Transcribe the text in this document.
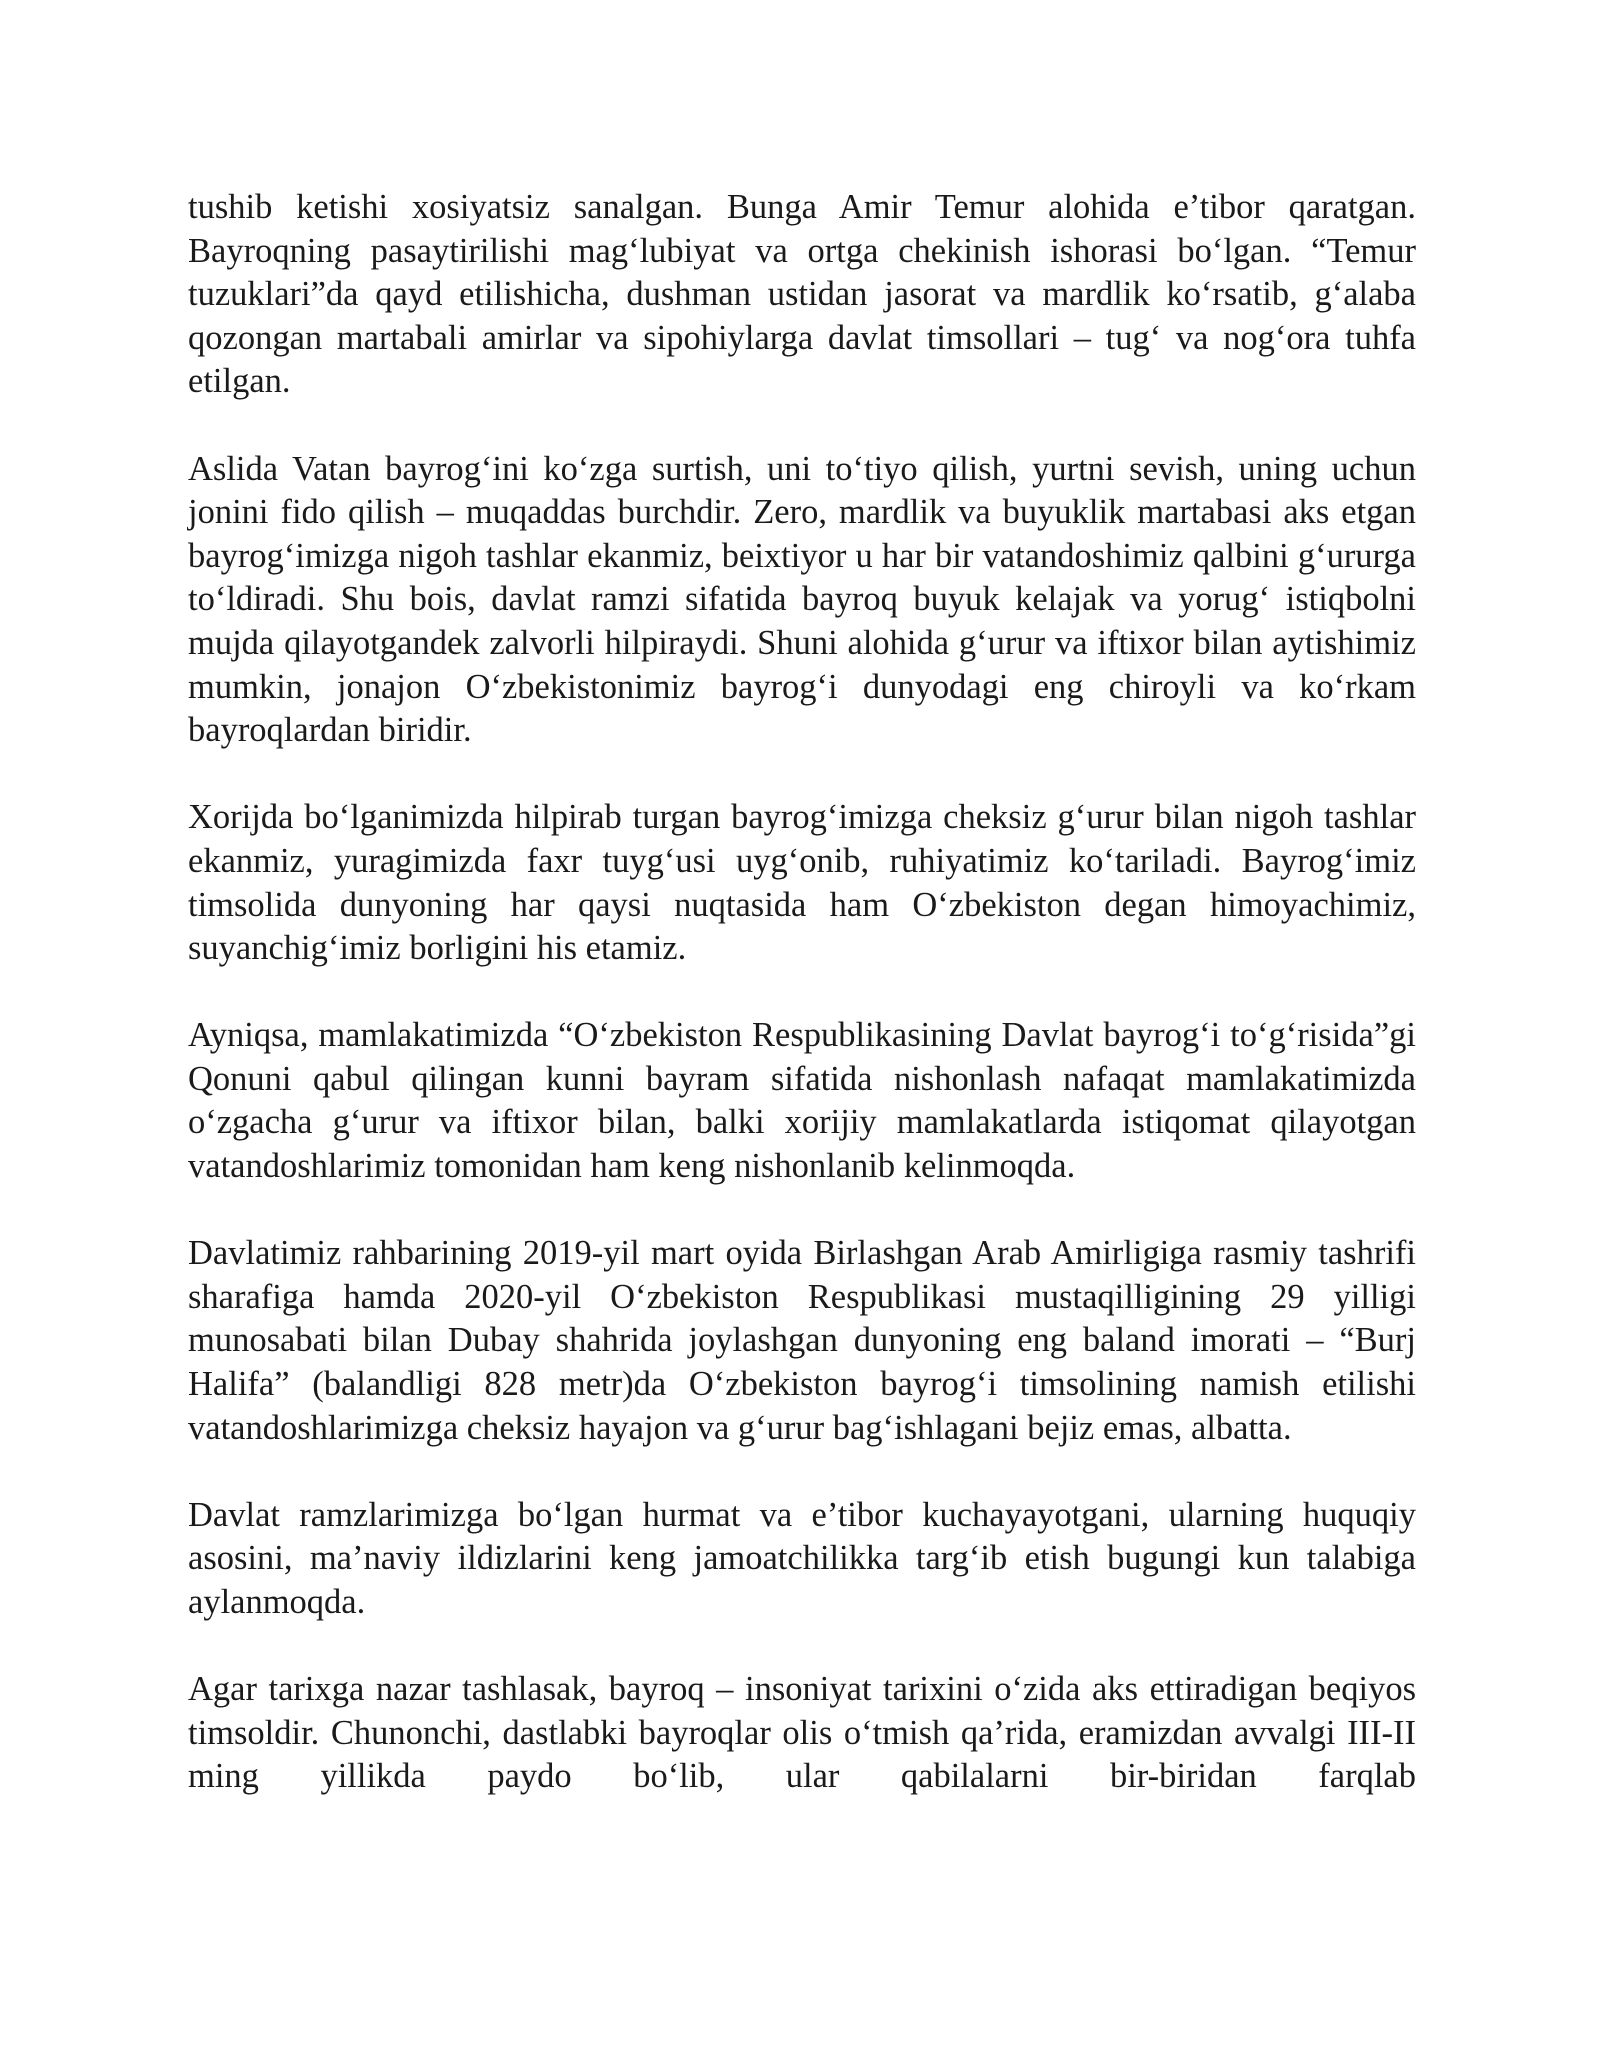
tushib ketishi xosiyatsiz sanalgan. Bunga Amir Temur alohida e’tibor qaratgan. Bayroqning pasaytirilishi mag‘lubiyat va ortga chekinish ishorasi bo‘lgan. “Temur tuzuklari”da qayd etilishicha, dushman ustidan jasorat va mardlik ko‘rsatib, g‘alaba qozongan martabali amirlar va sipohiylarga davlat timsollari – tug‘ va nog‘ora tuhfa etilgan.

Aslida Vatan bayrog‘ini ko‘zga surtish, uni to‘tiyo qilish, yurtni sevish, uning uchun jonini fido qilish – muqaddas burchdir. Zero, mardlik va buyuklik martabasi aks etgan bayrog‘imizga nigoh tashlar ekanmiz, beixtiyor u har bir vatandoshimiz qalbini g‘ururga to‘ldiradi. Shu bois, davlat ramzi sifatida bayroq buyuk kelajak va yorug‘ istiqbolni mujda qilayotgandek zalvorli hilpiraydi. Shuni alohida g‘urur va iftixor bilan aytishimiz mumkin, jonajon O‘zbekistonimiz bayrog‘i dunyodagi eng chiroyli va ko‘rkam bayroqlardan biridir.

Xorijda bo‘lganimizda hilpirab turgan bayrog‘imizga cheksiz g‘urur bilan nigoh tashlar ekanmiz, yuragimizda faxr tuyg‘usi uyg‘onib, ruhiyatimiz ko‘tariladi. Bayrog‘imiz timsolida dunyoning har qaysi nuqtasida ham O‘zbekiston degan himoyachimiz, suyanchig‘imiz borligini his etamiz.

Ayniqsa, mamlakatimizda “O‘zbekiston Respublikasining Davlat bayrog‘i to‘g‘risida”gi Qonuni qabul qilingan kunni bayram sifatida nishonlash nafaqat mamlakatimizda o‘zgacha g‘urur va iftixor bilan, balki xorijiy mamlakatlarda istiqomat qilayotgan vatandoshlarimiz tomonidan ham keng nishonlanib kelinmoqda.

Davlatimiz rahbarining 2019-yil mart oyida Birlashgan Arab Amirligiga rasmiy tashrifi sharafiga hamda 2020-yil O‘zbekiston Respublikasi mustaqilligining 29 yilligi munosabati bilan Dubay shahrida joylashgan dunyoning eng baland imorati – “Burj Halifa” (balandligi 828 metr)da O‘zbekiston bayrog‘i timsolining namish etilishi vatandoshlarimizga cheksiz hayajon va g‘urur bag‘ishlagani bejiz emas, albatta.

Davlat ramzlarimizga bo‘lgan hurmat va e’tibor kuchayayotgani, ularning huquqiy asosini, ma’naviy ildizlarini keng jamoatchilikka targ‘ib etish bugungi kun talabiga aylanmoqda.

Agar tarixga nazar tashlasak, bayroq – insoniyat tarixini o‘zida aks ettiradigan beqiyos timsoldir. Chunonchi, dastlabki bayroqlar olis o‘tmish qa’rida, eramizdan avvalgi III-II ming yillikda paydo bo‘lib, ular qabilalarni bir-biridan farqlab
